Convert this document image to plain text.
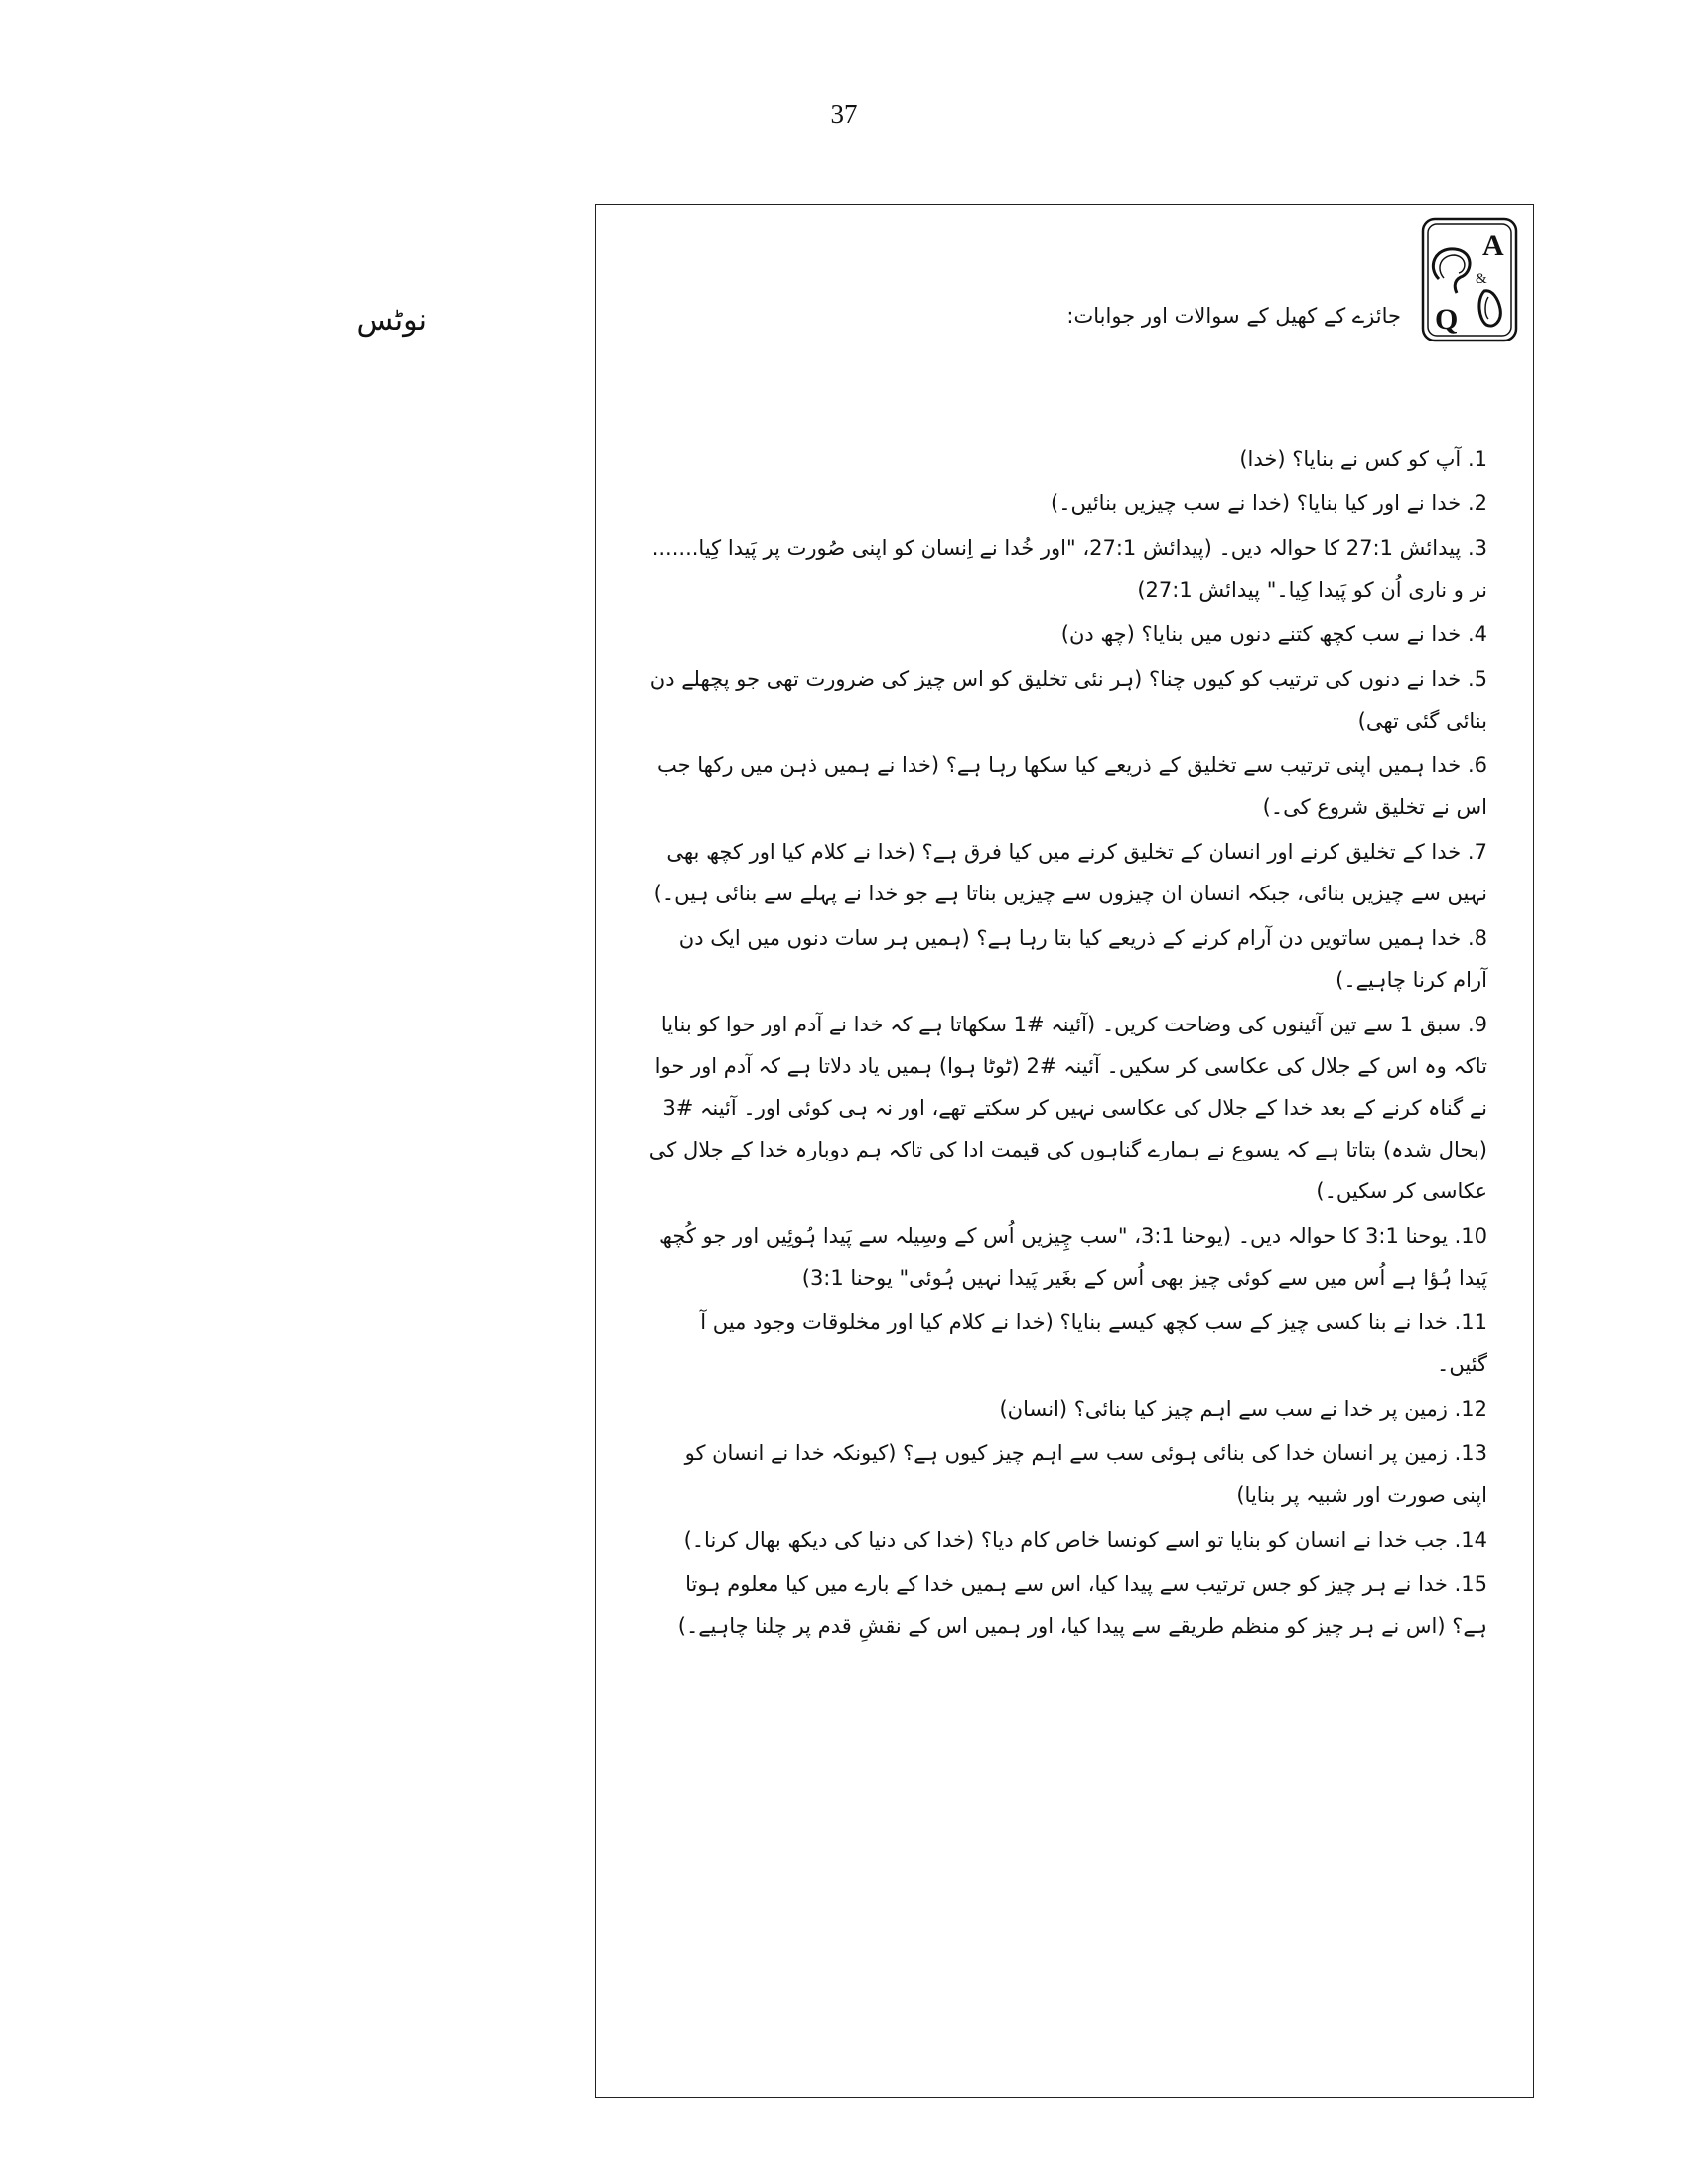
37
نوٹس
A
&
Q
جائزے کے کھیل کے سوالات اور جوابات:

1. آپ کو کس نے بنایا؟ (خدا)

2. خدا نے اور کیا بنایا؟ (خدا نے سب چیزیں بنائیں۔)

3. پیدائش 27:1 کا حوالہ دیں۔ (پیدائش 27:1، "اور خُدا نے اِنسان کو اپنی صُورت پر پَیدا کِیا....... نر و ناری اُن کو پَیدا کِیا۔" پیدائش 27:1)

4. خدا نے سب کچھ کتنے دنوں میں بنایا؟ (چھ دن)

5. خدا نے دنوں کی ترتیب کو کیوں چنا؟ (ہر نئی تخلیق کو اس چیز کی ضرورت تھی جو پچھلے دن بنائی گئی تھی)

6. خدا ہمیں اپنی ترتیب سے تخلیق کے ذریعے کیا سکھا رہا ہے؟ (خدا نے ہمیں ذہن میں رکھا جب اس نے تخلیق شروع کی۔)

7. خدا کے تخلیق کرنے اور انسان کے تخلیق کرنے میں کیا فرق ہے؟ (خدا نے کلام کیا اور کچھ بھی نہیں سے چیزیں بنائی، جبکہ انسان ان چیزوں سے چیزیں بناتا ہے جو خدا نے پہلے سے بنائی ہیں۔)

8. خدا ہمیں ساتویں دن آرام کرنے کے ذریعے کیا بتا رہا ہے؟ (ہمیں ہر سات دنوں میں ایک دن آرام کرنا چاہیے۔)

9. سبق 1 سے تین آئینوں کی وضاحت کریں۔ (آئینہ #1 سکھاتا ہے کہ خدا نے آدم اور حوا کو بنایا تاکہ وہ اس کے جلال کی عکاسی کر سکیں۔ آئینہ #2 (ٹوٹا ہوا) ہمیں یاد دلاتا ہے کہ آدم اور حوا نے گناہ کرنے کے بعد خدا کے جلال کی عکاسی نہیں کر سکتے تھے، اور نہ ہی کوئی اور۔ آئینہ #3 (بحال شدہ) بتاتا ہے کہ یسوع نے ہمارے گناہوں کی قیمت ادا کی تاکہ ہم دوبارہ خدا کے جلال کی عکاسی کر سکیں۔)

10. یوحنا 3:1 کا حوالہ دیں۔ (یوحنا 3:1، "سب چِیزیں اُس کے وسِیلہ سے پَیدا ہُوئِیں اور جو کُچھ پَیدا ہُؤا ہے اُس میں سے کوئی چیز بھی اُس کے بغَیر پَیدا نہیں ہُوئی" یوحنا 3:1)

11. خدا نے بنا کسی چیز کے سب کچھ کیسے بنایا؟ (خدا نے کلام کیا اور مخلوقات وجود میں آ گئیں۔

12. زمین پر خدا نے سب سے اہم چیز کیا بنائی؟ (انسان)

13. زمین پر انسان خدا کی بنائی ہوئی سب سے اہم چیز کیوں ہے؟ (کیونکہ خدا نے انسان کو اپنی صورت اور شبیہ پر بنایا)

14. جب خدا نے انسان کو بنایا تو اسے کونسا خاص کام دیا؟ (خدا کی دنیا کی دیکھ بھال کرنا۔)

15. خدا نے ہر چیز کو جس ترتیب سے پیدا کیا، اس سے ہمیں خدا کے بارے میں کیا معلوم ہوتا ہے؟ (اس نے ہر چیز کو منظم طریقے سے پیدا کیا، اور ہمیں اس کے نقشِ قدم پر چلنا چاہیے۔)
